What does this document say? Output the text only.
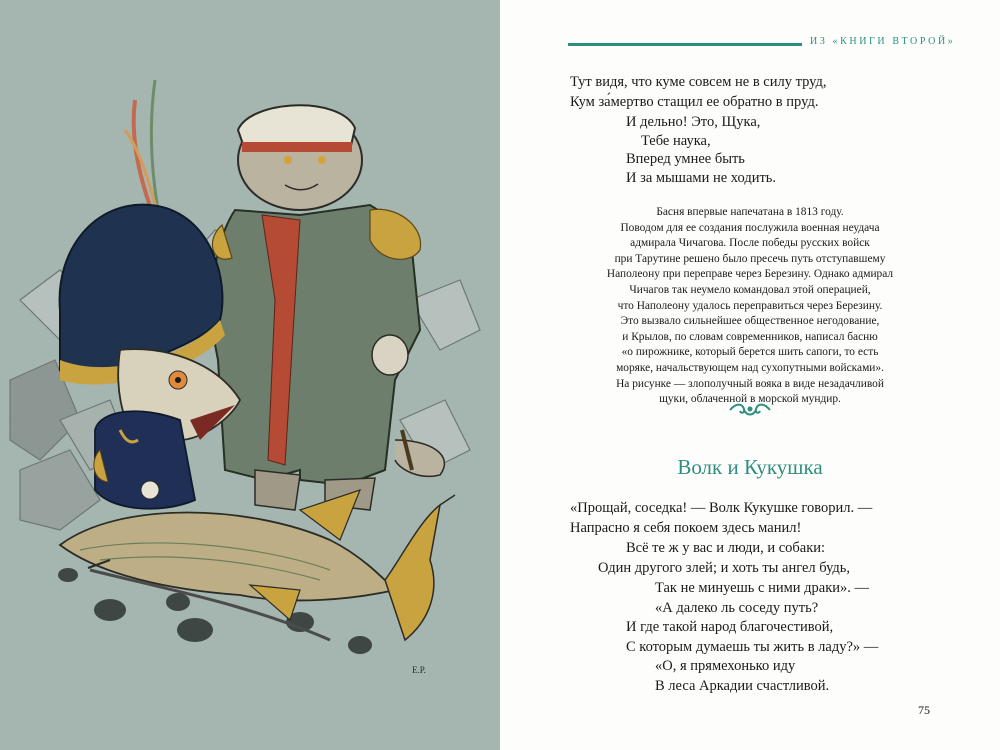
Е.Р.
ИЗ «КНИГИ ВТОРОЙ»
Тут видя, что куме совсем не в силу труд,
Кум за́мертво стащил ее обратно в пруд.
И дельно! Это, Щука,
Тебе наука,
Вперед умнее быть
И за мышами не ходить.
Басня впервые напечатана в 1813 году.
Поводом для ее создания послужила военная неудача
адмирала Чичагова. После победы русских войск
при Тарутине решено было пресечь путь отступавшему
Наполеону при переправе через Березину. Однако адмирал
Чичагов так неумело командовал этой операцией,
что Наполеону удалось переправиться через Березину.
Это вызвало сильнейшее общественное негодование,
и Крылов, по словам современников, написал басню
«о пирожнике, который берется шить сапоги, то есть
моряке, начальствующем над сухопутными войсками».
На рисунке — злополучный вояка в виде незадачливой
щуки, облаченной в морской мундир.
Волк и Кукушка
«Прощай, соседка! — Волк Кукушке говорил. —
Напрасно я себя покоем здесь манил!
Всё те ж у вас и люди, и собаки:
Один другого злей; и хоть ты ангел будь,
Так не минуешь с ними драки». —
«А далеко ль соседу путь?
И где такой народ благочестивой,
С которым думаешь ты жить в ладу?» —
«О, я прямехонько иду
В леса Аркадии счастливой.
75
